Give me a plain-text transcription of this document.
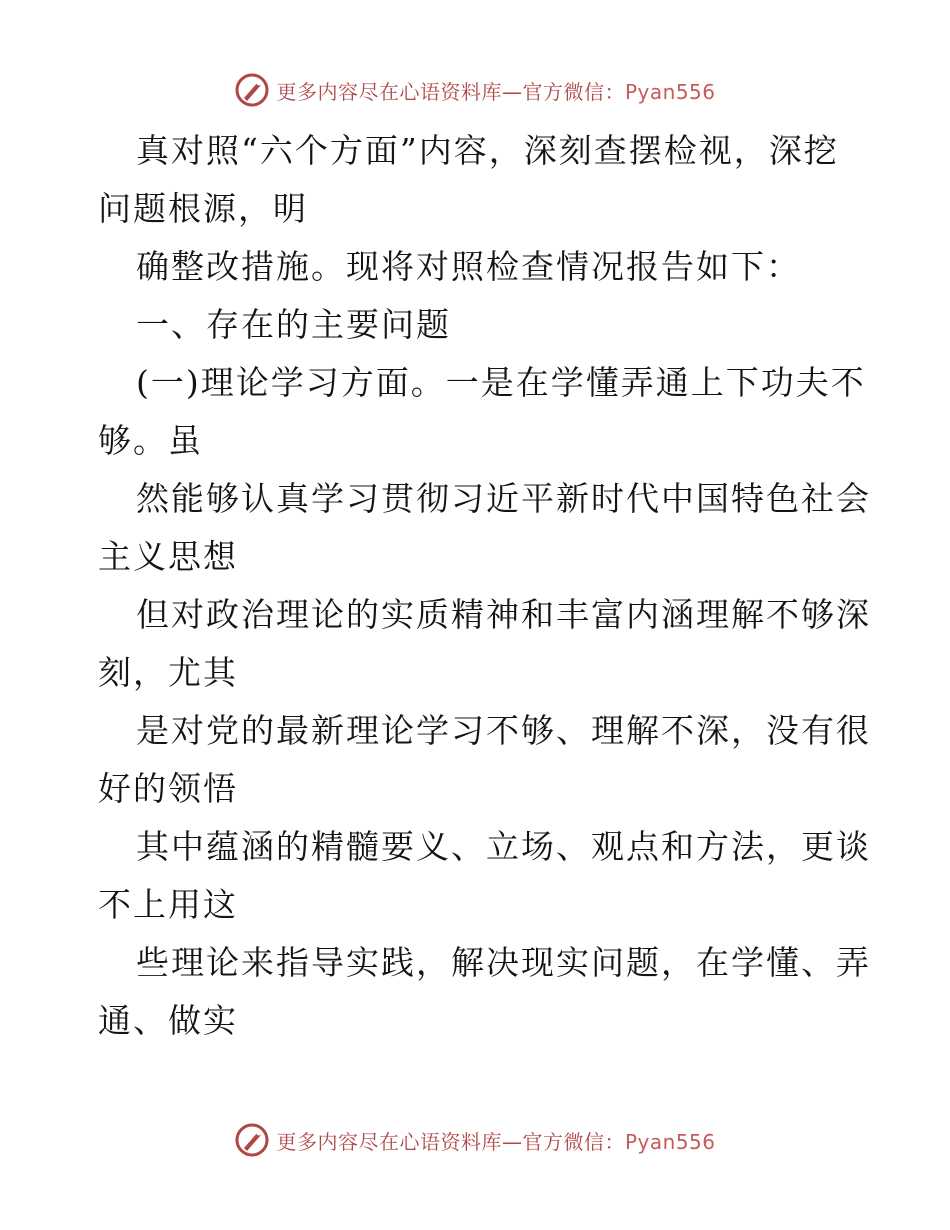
更多内容尽在心语资料库—官方微信：Pyan556
真对照“六个方面”内容，深刻查摆检视，深挖
问题根源，明
确整改措施。现将对照检查情况报告如下：
一、存在的主要问题
(一)理论学习方面。一是在学懂弄通上下功夫不
够。虽
然能够认真学习贯彻习近平新时代中国特色社会
主义思想
但对政治理论的实质精神和丰富内涵理解不够深
刻，尤其
是对党的最新理论学习不够、理解不深，没有很
好的领悟
其中蕴涵的精髓要义、立场、观点和方法，更谈
不上用这
些理论来指导实践，解决现实问题，在学懂、弄
通、做实
更多内容尽在心语资料库—官方微信：Pyan556
